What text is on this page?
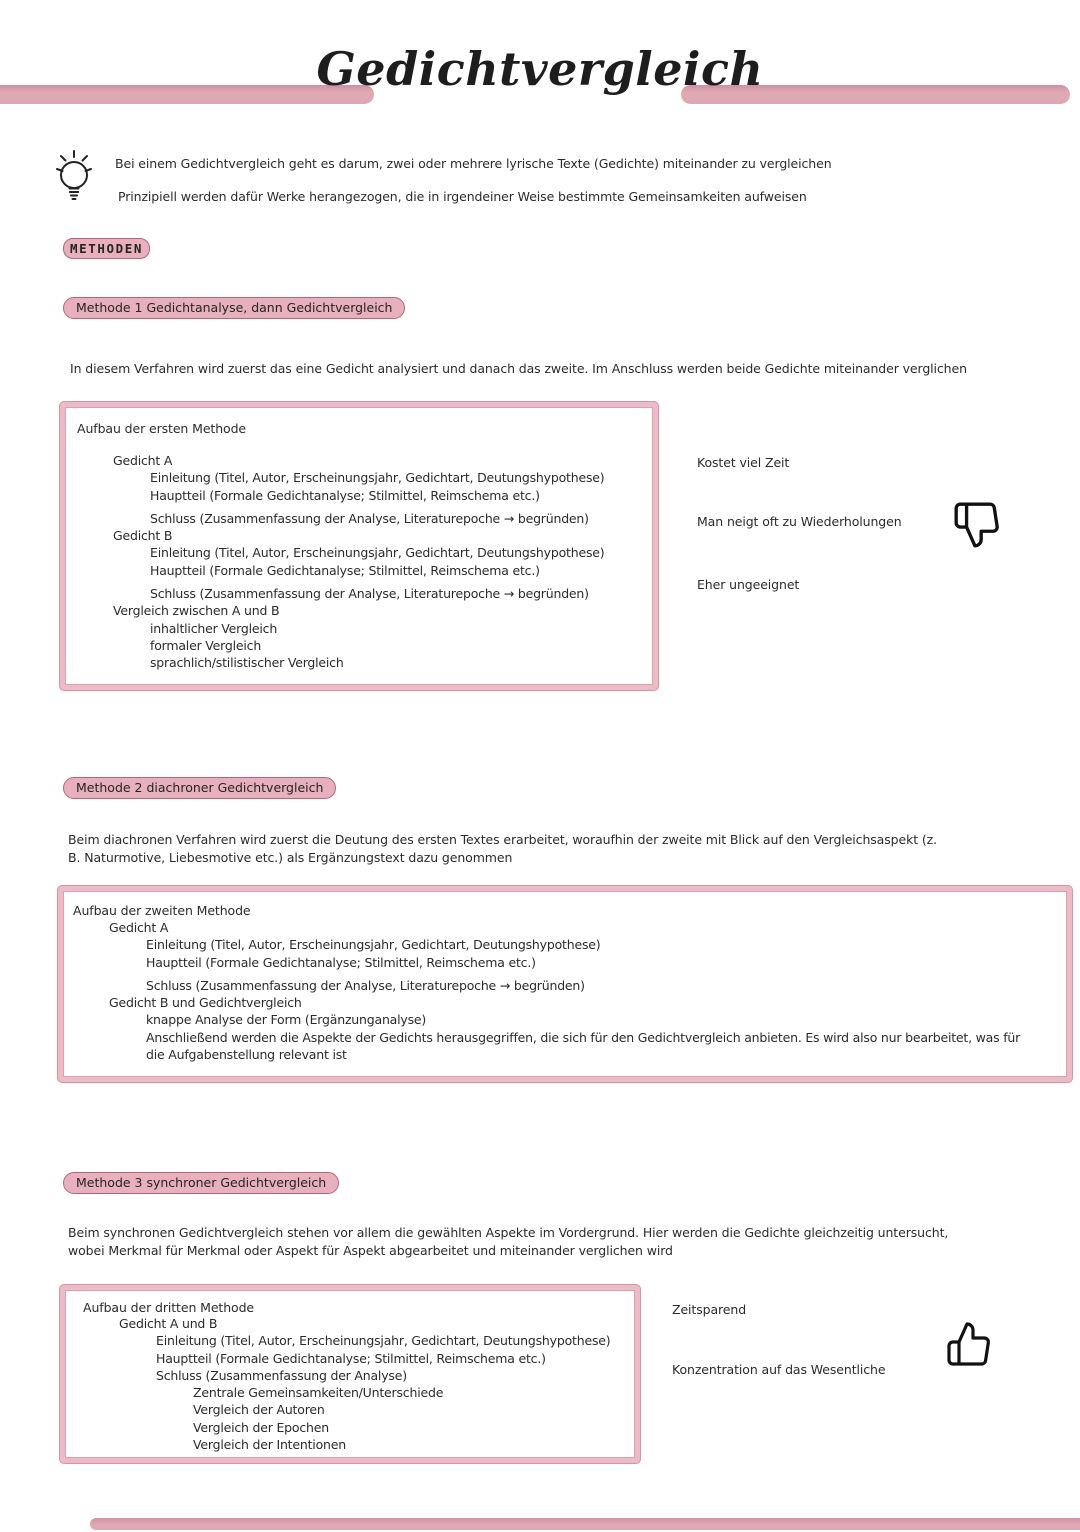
Gedichtvergleich
Bei einem Gedichtvergleich geht es darum, zwei oder mehrere lyrische Texte (Gedichte) miteinander zu vergleichen
Prinzipiell werden dafür Werke herangezogen, die in irgendeiner Weise bestimmte Gemeinsamkeiten aufweisen
METHODEN
Methode 1 Gedichtanalyse, dann Gedichtvergleich
In diesem Verfahren wird zuerst das eine Gedicht analysiert und danach das zweite. Im Anschluss werden beide Gedichte miteinander verglichen
Aufbau der ersten Methode
Gedicht A
Einleitung (Titel, Autor, Erscheinungsjahr, Gedichtart, Deutungshypothese)
Hauptteil (Formale Gedichtanalyse; Stilmittel, Reimschema etc.)
Schluss (Zusammenfassung der Analyse, Literaturepoche → begründen)
Gedicht B
Einleitung (Titel, Autor, Erscheinungsjahr, Gedichtart, Deutungshypothese)
Hauptteil (Formale Gedichtanalyse; Stilmittel, Reimschema etc.)
Schluss (Zusammenfassung der Analyse, Literaturepoche → begründen)
Vergleich zwischen A und B
inhaltlicher Vergleich
formaler Vergleich
sprachlich/stilistischer Vergleich
Kostet viel Zeit
Man neigt oft zu Wiederholungen
Eher ungeeignet
Methode 2 diachroner Gedichtvergleich
Beim diachronen Verfahren wird zuerst die Deutung des ersten Textes erarbeitet, woraufhin der zweite mit Blick auf den Vergleichsaspekt (z. B. Naturmotive, Liebesmotive etc.) als Ergänzungstext dazu genommen
Aufbau der zweiten Methode
Gedicht A
Einleitung (Titel, Autor, Erscheinungsjahr, Gedichtart, Deutungshypothese)
Hauptteil (Formale Gedichtanalyse; Stilmittel, Reimschema etc.)
Schluss (Zusammenfassung der Analyse, Literaturepoche → begründen)
Gedicht B und Gedichtvergleich
knappe Analyse der Form (Ergänzunganalyse)
Anschließend werden die Aspekte der Gedichts herausgegriffen, die sich für den Gedichtvergleich anbieten. Es wird also nur bearbeitet, was für die Aufgabenstellung relevant ist
Methode 3 synchroner Gedichtvergleich
Beim synchronen Gedichtvergleich stehen vor allem die gewählten Aspekte im Vordergrund. Hier werden die Gedichte gleichzeitig untersucht, wobei Merkmal für Merkmal oder Aspekt für Aspekt abgearbeitet und miteinander verglichen wird
Aufbau der dritten Methode
Gedicht A und B
Einleitung (Titel, Autor, Erscheinungsjahr, Gedichtart, Deutungshypothese)
Hauptteil (Formale Gedichtanalyse; Stilmittel, Reimschema etc.)
Schluss (Zusammenfassung der Analyse)
Zentrale Gemeinsamkeiten/Unterschiede
Vergleich der Autoren
Vergleich der Epochen
Vergleich der Intentionen
Zeitsparend
Konzentration auf das Wesentliche
